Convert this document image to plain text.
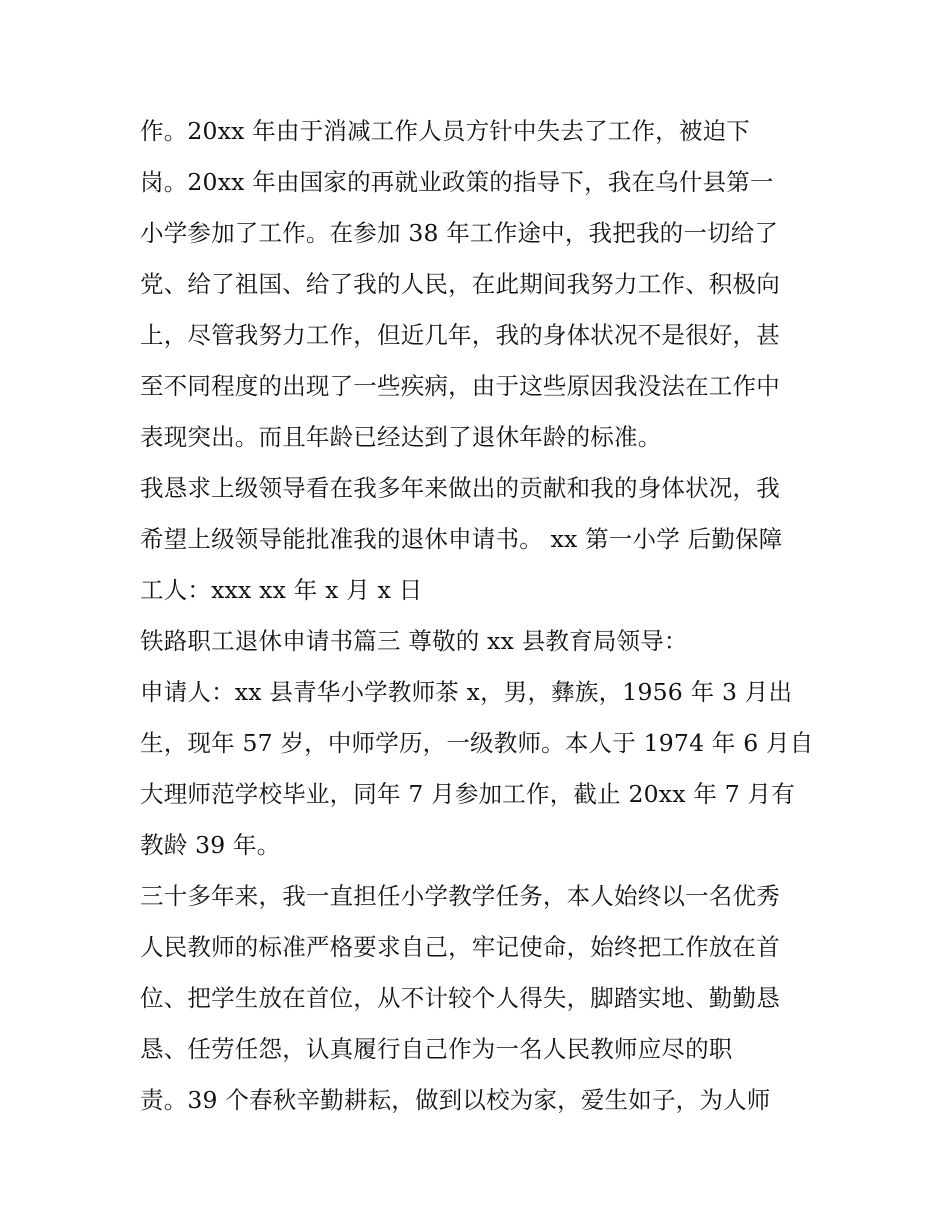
作。20xx 年由于消减工作人员方针中失去了工作，被迫下
岗。20xx 年由国家的再就业政策的指导下，我在乌什县第一
小学参加了工作。在参加 38 年工作途中，我把我的一切给了
党、给了祖国、给了我的人民，在此期间我努力工作、积极向
上，尽管我努力工作，但近几年，我的身体状况不是很好，甚
至不同程度的出现了一些疾病，由于这些原因我没法在工作中
表现突出。而且年龄已经达到了退休年龄的标准。
我恳求上级领导看在我多年来做出的贡献和我的身体状况，我
希望上级领导能批准我的退休申请书。 xx 第一小学 后勤保障
工人：xxx xx 年 x 月 x 日
铁路职工退休申请书篇三 尊敬的 xx 县教育局领导：
申请人：xx 县青华小学教师茶 x，男，彝族，1956 年 3 月出
生，现年 57 岁，中师学历，一级教师。本人于 1974 年 6 月自
大理师范学校毕业，同年 7 月参加工作，截止 20xx 年 7 月有
教龄 39 年。
三十多年来，我一直担任小学教学任务，本人始终以一名优秀
人民教师的标准严格要求自己，牢记使命，始终把工作放在首
位、把学生放在首位，从不计较个人得失，脚踏实地、勤勤恳
恳、任劳任怨，认真履行自己作为一名人民教师应尽的职
责。39 个春秋辛勤耕耘，做到以校为家，爱生如子，为人师
